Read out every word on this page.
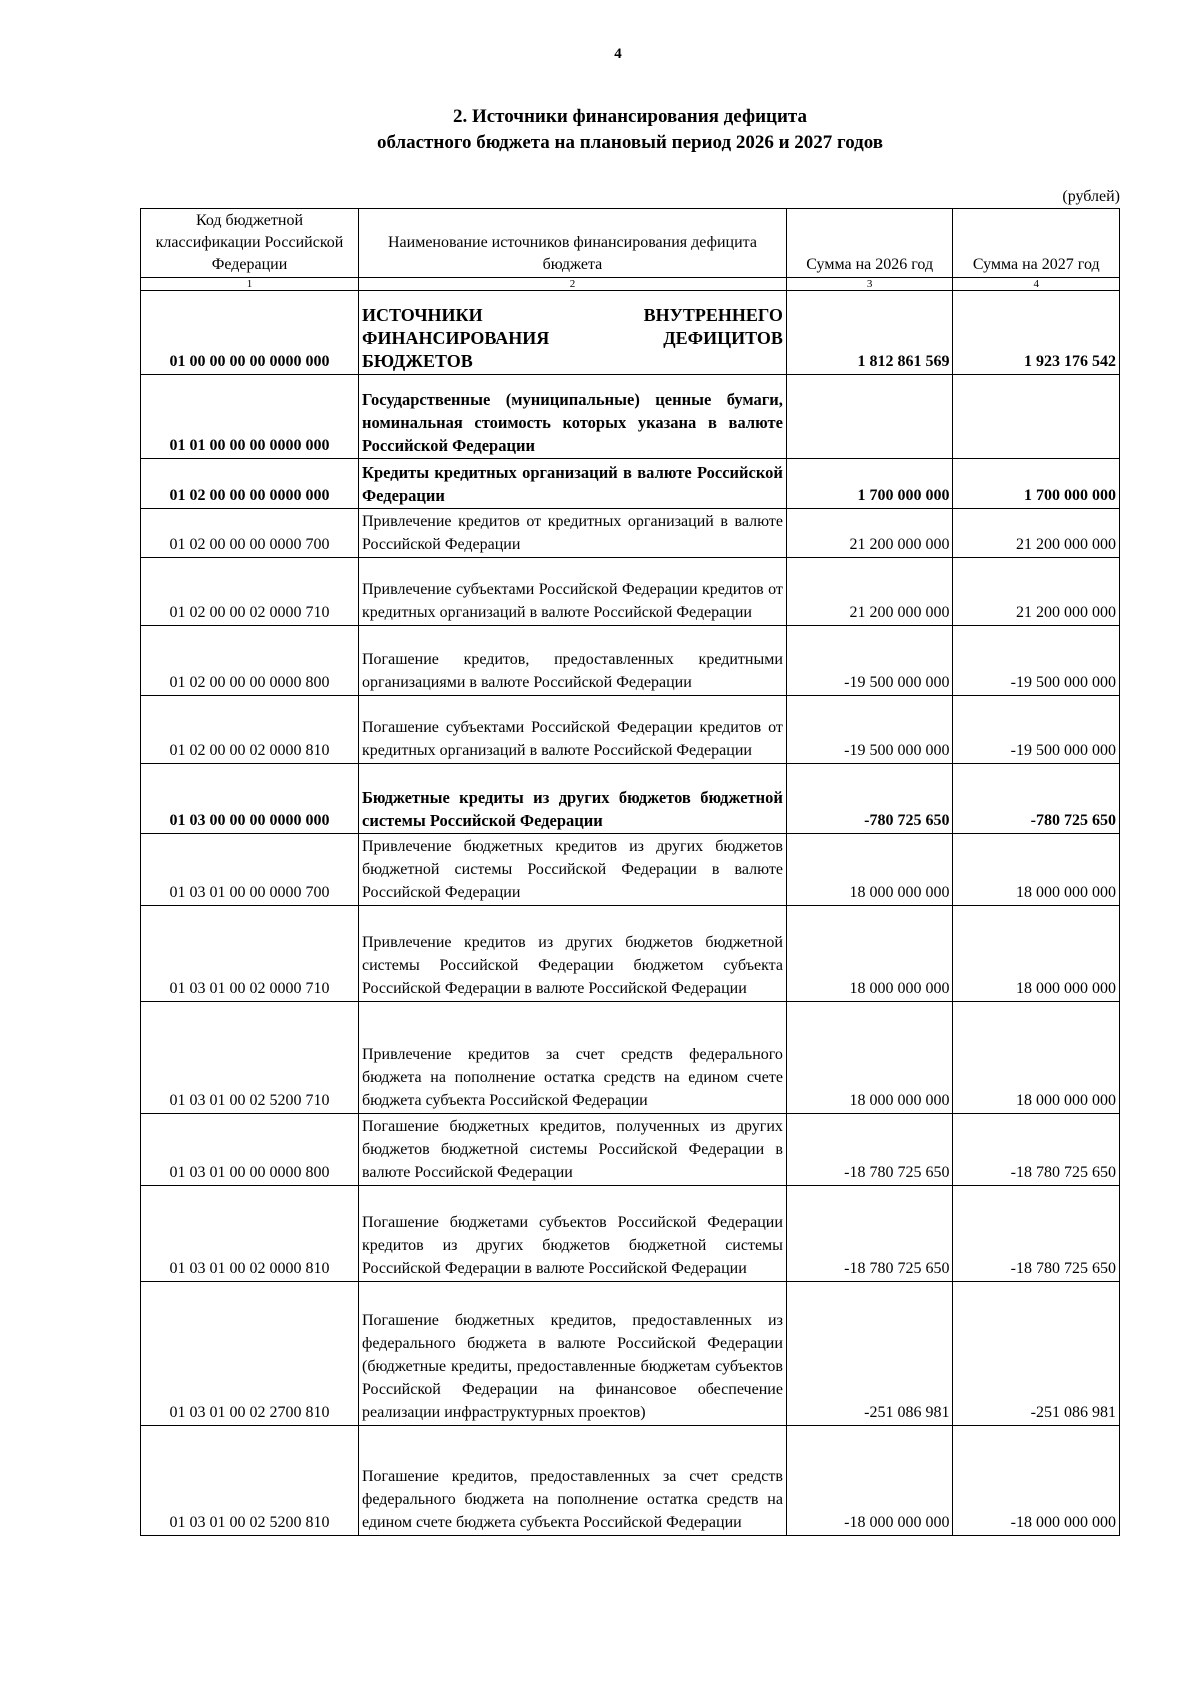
4
2. Источники финансирования дефицита
областного бюджета на плановый период 2026 и 2027 годов
(рублей)
Код бюджетной классификации Российской Федерации	Наименование источников финансирования дефицита бюджета	Сумма на 2026 год	Сумма на 2027 год
1	2	3	4
01 00 00 00 00 0000 000	ИСТОЧНИКИ ВНУТРЕННЕГО ФИНАНСИРОВАНИЯ ДЕФИЦИТОВ БЮДЖЕТОВ	1 812 861 569	1 923 176 542
01 01 00 00 00 0000 000	Государственные (муниципальные) ценные бумаги, номинальная стоимость которых указана в валюте Российской Федерации		
01 02 00 00 00 0000 000	Кредиты кредитных организаций в валюте Российской Федерации	1 700 000 000	1 700 000 000
01 02 00 00 00 0000 700	Привлечение кредитов от кредитных организаций в валюте Российской Федерации	21 200 000 000	21 200 000 000
01 02 00 00 02 0000 710	Привлечение субъектами Российской Федерации кредитов от кредитных организаций в валюте Российской Федерации	21 200 000 000	21 200 000 000
01 02 00 00 00 0000 800	Погашение кредитов, предоставленных кредитными организациями в валюте Российской Федерации	-19 500 000 000	-19 500 000 000
01 02 00 00 02 0000 810	Погашение субъектами Российской Федерации кредитов от кредитных организаций в валюте Российской Федерации	-19 500 000 000	-19 500 000 000
01 03 00 00 00 0000 000	Бюджетные кредиты из других бюджетов бюджетной системы Российской Федерации	-780 725 650	-780 725 650
01 03 01 00 00 0000 700	Привлечение бюджетных кредитов из других бюджетов бюджетной системы Российской Федерации в валюте Российской Федерации	18 000 000 000	18 000 000 000
01 03 01 00 02 0000 710	Привлечение кредитов из других бюджетов бюджетной системы Российской Федерации бюджетом субъекта Российской Федерации в валюте Российской Федерации	18 000 000 000	18 000 000 000
01 03 01 00 02 5200 710	Привлечение кредитов за счет средств федерального бюджета на пополнение остатка средств на едином счете бюджета субъекта Российской Федерации	18 000 000 000	18 000 000 000
01 03 01 00 00 0000 800	Погашение бюджетных кредитов, полученных из других бюджетов бюджетной системы Российской Федерации в валюте Российской Федерации	-18 780 725 650	-18 780 725 650
01 03 01 00 02 0000 810	Погашение бюджетами субъектов Российской Федерации кредитов из других бюджетов бюджетной системы Российской Федерации в валюте Российской Федерации	-18 780 725 650	-18 780 725 650
01 03 01 00 02 2700 810	Погашение бюджетных кредитов, предоставленных из федерального бюджета в валюте Российской Федерации (бюджетные кредиты, предоставленные бюджетам субъектов Российской Федерации на финансовое обеспечение реализации инфраструктурных проектов)	-251 086 981	-251 086 981
01 03 01 00 02 5200 810	Погашение кредитов, предоставленных за счет средств федерального бюджета на пополнение остатка средств на едином счете бюджета субъекта Российской Федерации	-18 000 000 000	-18 000 000 000
